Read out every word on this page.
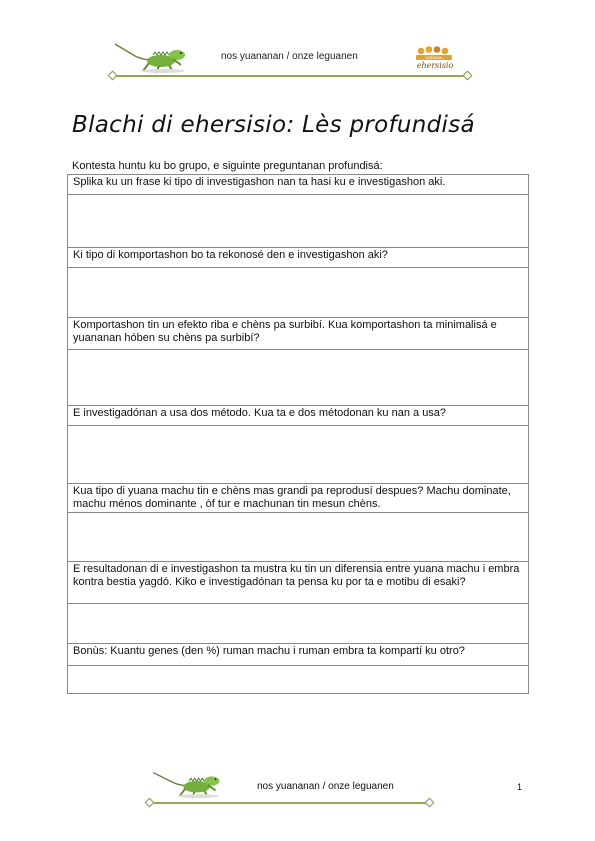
nos yuananan / onze leguanen	CARNAVAL
ehersisio
Blachi di ehersisio: Lès profundisá
Kontesta huntu ku bo grupo, e siguinte preguntanan profundisá:
Splika ku un frase ki tipo di investigashon nan ta hasi ku e investigashon aki.

Ki tipo di komportashon bo ta rekonosé den e investigashon aki?

Komportashon tin un efekto riba e chèns pa surbibí. Kua komportashon ta minimalisá e yuananan hóben su chèns pa surbibí?

E investigadónan a usa dos método. Kua ta e dos métodonan ku nan a usa?

Kua tipo di yuana machu tin e chèns mas grandi pa reprodusí despues? Machu dominate, machu ménos dominante , òf tur e machunan tin mesun chèns.

E resultadonan di e investigashon ta mustra ku tin un diferensia entre yuana machu i embra kontra bestia yagdó. Kiko e investigadónan ta pensa ku por ta e motibu di esaki?

Bonùs: Kuantu genes (den %) ruman machu i ruman embra ta kompartí ku otro?

nos yuananan / onze leguanen	1
